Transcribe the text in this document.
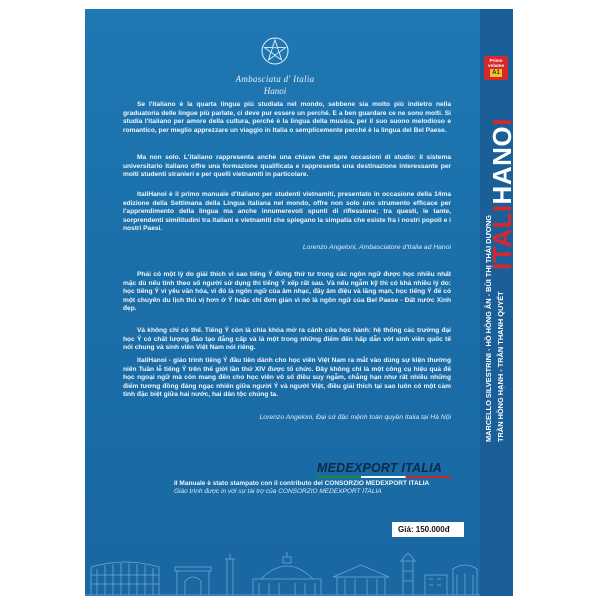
Ambasciata d' Italia
Hanoi

Se l'italiano è la quarta lingua più studiata nel mondo, sebbene sia molto più indietro nella graduatoria delle lingue più parlate, ci deve pur essere un perché. E a ben guardare ce ne sono molti. Si studia l'italiano per amore della cultura, perché è la lingua della musica, per il suo suono melodioso e romantico, per meglio apprezzare un viaggio in Italia o semplicemente perché è la lingua del Bel Paese.

Ma non solo. L'italiano rappresenta anche una chiave che apre occasioni di studio: il sistema universitario italiano offre una formazione qualificata e rappresenta una destinazione interessante per molti studenti stranieri e per quelli vietnamiti in particolare.

ItaliHanoi è il primo manuale d'italiano per studenti vietnamiti, presentato in occasione della 14ma edizione della Settimana della Lingua italiana nel mondo, offre non solo uno strumento efficace per l'apprendimento della lingua ma anche innumerevoli spunti di riflessione; tra questi, le tante, sorprendenti similitudini tra italiani e vietnamiti che spiegano la simpatia che esiste fra i nostri popoli e i nostri Paesi.

Lorenzo Angeloni, Ambasciatore d'Italia ad Hanoi

Phải có một lý do giải thích vì sao tiếng Ý đứng thứ tư trong các ngôn ngữ được học nhiều nhất mặc dù nếu tính theo số người sử dụng thì tiếng Ý xếp rất sau. Và nếu ngẫm kỹ thì có khá nhiều lý do: học tiếng Ý vì yêu văn hóa, vì đó là ngôn ngữ của âm nhạc, đầy âm điệu và lãng mạn, học tiếng Ý để có một chuyến du lịch thú vị hơn ở Ý hoặc chỉ đơn giản vì nó là ngôn ngữ của Bel Paese - Đất nước Xinh đẹp.

Và không chỉ có thế. Tiếng Ý còn là chìa khóa mở ra cánh cửa học hành: hệ thống các trường đại học Ý có chất lượng đào tạo đẳng cấp và là một trong những điểm đến hấp dẫn với sinh viên quốc tế nói chung và sinh viên Việt Nam nói riêng.

ItaliHanoi - giáo trình tiếng Ý đầu tiên dành cho học viên Việt Nam ra mắt vào dùng sự kiện thường niên Tuần lễ tiếng Ý trên thế giới lần thứ XIV được tổ chức. Đây không chỉ là một công cụ hiệu quả để học ngoại ngữ mà còn mang đến cho học viên vô số điều suy ngẫm, chẳng hạn như rất nhiều những điểm tương đồng đáng ngạc nhiên giữa người Ý và người Việt, điều giải thích tại sao luôn có một cảm tình đặc biệt giữa hai nước, hai dân tộc chúng ta.

Lorenzo Angeloni, Đại sứ đặc mệnh toàn quyền Italia tại Hà Nội

MEDEXPORT ITALIA

Il Manuale è stato stampato con il contributo del CONSORZIO MEDEXPORT ITALIA

Giáo trình được in với sự tài trợ của CONSORZIO MEDEXPORT ITALIA

Giá: 150.000đ
Primo
volume
A1
ITALIHANOI
MARCELLO SILVESTRINI - HỒ HỒNG ÂN - BÙI THỊ THÁI DƯƠNG TRẦN HỒNG HẠNH - TRẦN THANH QUYẾT
